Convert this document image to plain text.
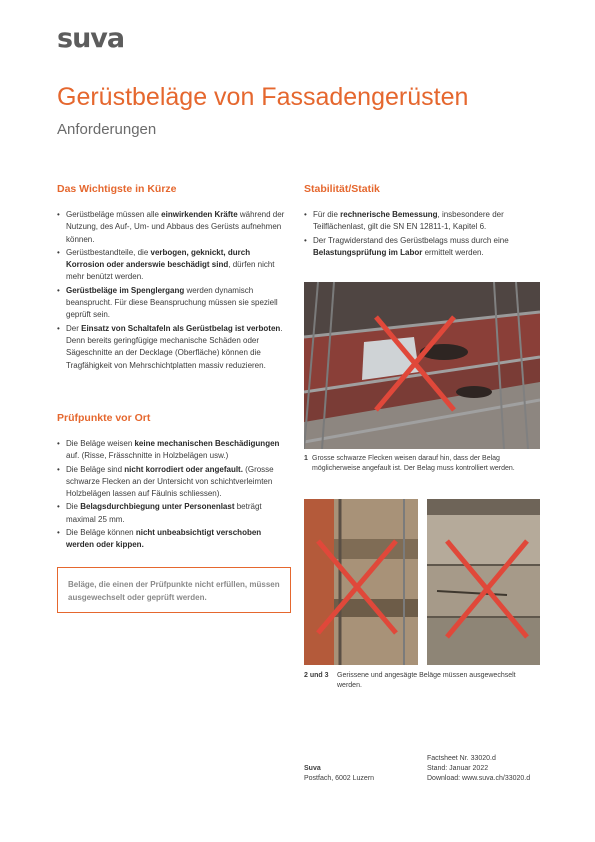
suva
Gerüstbeläge von Fassadengerüsten
Anforderungen
Das Wichtigste in Kürze
• Gerüstbeläge müssen alle einwirkenden Kräfte während der Nutzung, des Auf-, Um- und Abbaus des Gerüsts aufnehmen können.
• Gerüstbestandteile, die verbogen, geknickt, durch Korrosion oder anderswie beschädigt sind, dürfen nicht mehr benützt werden.
• Gerüstbeläge im Spenglergang werden dynamisch beansprucht. Für diese Beanspruchung müssen sie speziell geprüft sein.
• Der Einsatz von Schaltafeln als Gerüstbelag ist verboten. Denn bereits geringfügige mechanische Schäden oder Sägeschnitte an der Decklage (Oberfläche) können die Tragfähigkeit von Mehrschichtplatten massiv reduzieren.
Prüfpunkte vor Ort
• Die Beläge weisen keine mechanischen Beschädigungen auf. (Risse, Frässchnitte in Holzbelägen usw.)
• Die Beläge sind nicht korrodiert oder angefault. (Grosse schwarze Flecken an der Untersicht von schichtverleimten Holzbelägen lassen auf Fäulnis schliessen).
• Die Belagsdurchbiegung unter Personenlast beträgt maximal 25 mm.
• Die Beläge können nicht unbeabsichtigt verschoben werden oder kippen.
Beläge, die einen der Prüfpunkte nicht erfüllen, müssen ausgewechselt oder geprüft werden.
Stabilität/Statik
• Für die rechnerische Bemessung, insbesondere der Teilflächenlast, gilt die SN EN 12811-1, Kapitel 6.
• Der Tragwiderstand des Gerüstbelags muss durch eine Belastungsprüfung im Labor ermittelt werden.
1 Grosse schwarze Flecken weisen darauf hin, dass der Belag möglicherweise angefault ist. Der Belag muss kontrolliert werden.
2 und 3 Gerissene und angesägte Beläge müssen ausgewechselt werden.
Suva
Postfach, 6002 Luzern
Factsheet Nr. 33020.d
Stand: Januar 2022
Download: www.suva.ch/33020.d
